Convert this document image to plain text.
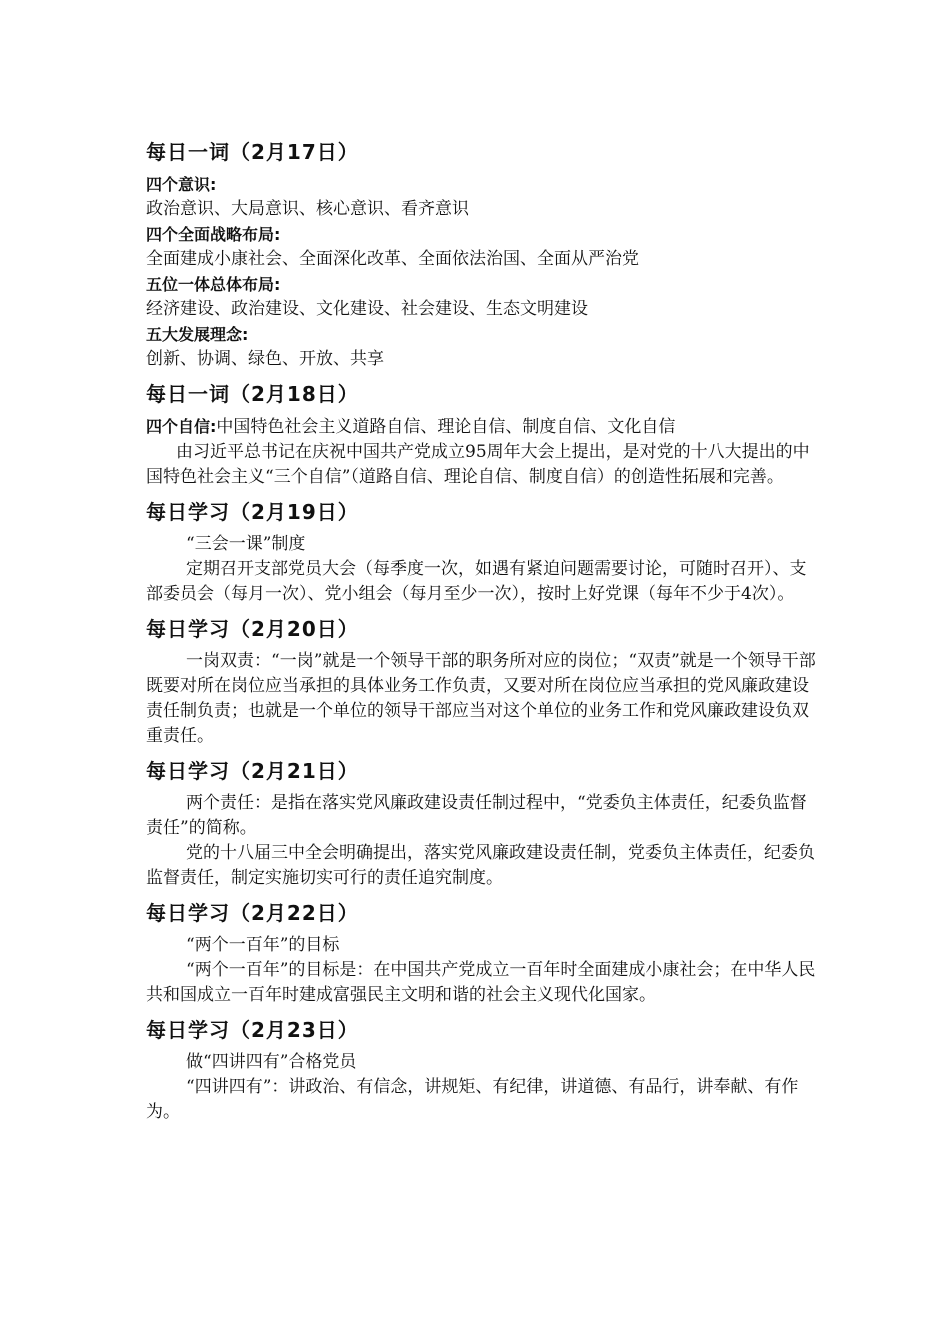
每日一词（2月17日）

四个意识:

政治意识、大局意识、核心意识、看齐意识

四个全面战略布局:

全面建成小康社会、全面深化改革、全面依法治国、全面从严治党

五位一体总体布局:

经济建设、政治建设、文化建设、社会建设、生态文明建设

五大发展理念:

创新、协调、绿色、开放、共享

每日一词（2月18日）

四个自信:中国特色社会主义道路自信、理论自信、制度自信、文化自信

由习近平总书记在庆祝中国共产党成立95周年大会上提出，是对党的十八大提出的中国特色社会主义“三个自信”（道路自信、理论自信、制度自信）的创造性拓展和完善。

每日学习（2月19日）

“三会一课”制度

定期召开支部党员大会（每季度一次，如遇有紧迫问题需要讨论，可随时召开）、支部委员会（每月一次）、党小组会（每月至少一次），按时上好党课（每年不少于4次）。

每日学习（2月20日）

一岗双责：“一岗”就是一个领导干部的职务所对应的岗位；“双责”就是一个领导干部既要对所在岗位应当承担的具体业务工作负责，又要对所在岗位应当承担的党风廉政建设责任制负责；也就是一个单位的领导干部应当对这个单位的业务工作和党风廉政建设负双重责任。

每日学习（2月21日）

两个责任：是指在落实党风廉政建设责任制过程中，“党委负主体责任，纪委负监督责任”的简称。

党的十八届三中全会明确提出，落实党风廉政建设责任制，党委负主体责任，纪委负监督责任，制定实施切实可行的责任追究制度。

每日学习（2月22日）

“两个一百年”的目标

“两个一百年”的目标是：在中国共产党成立一百年时全面建成小康社会；在中华人民共和国成立一百年时建成富强民主文明和谐的社会主义现代化国家。

每日学习（2月23日）

做“四讲四有”合格党员

“四讲四有”：讲政治、有信念，讲规矩、有纪律，讲道德、有品行，讲奉献、有作为。
